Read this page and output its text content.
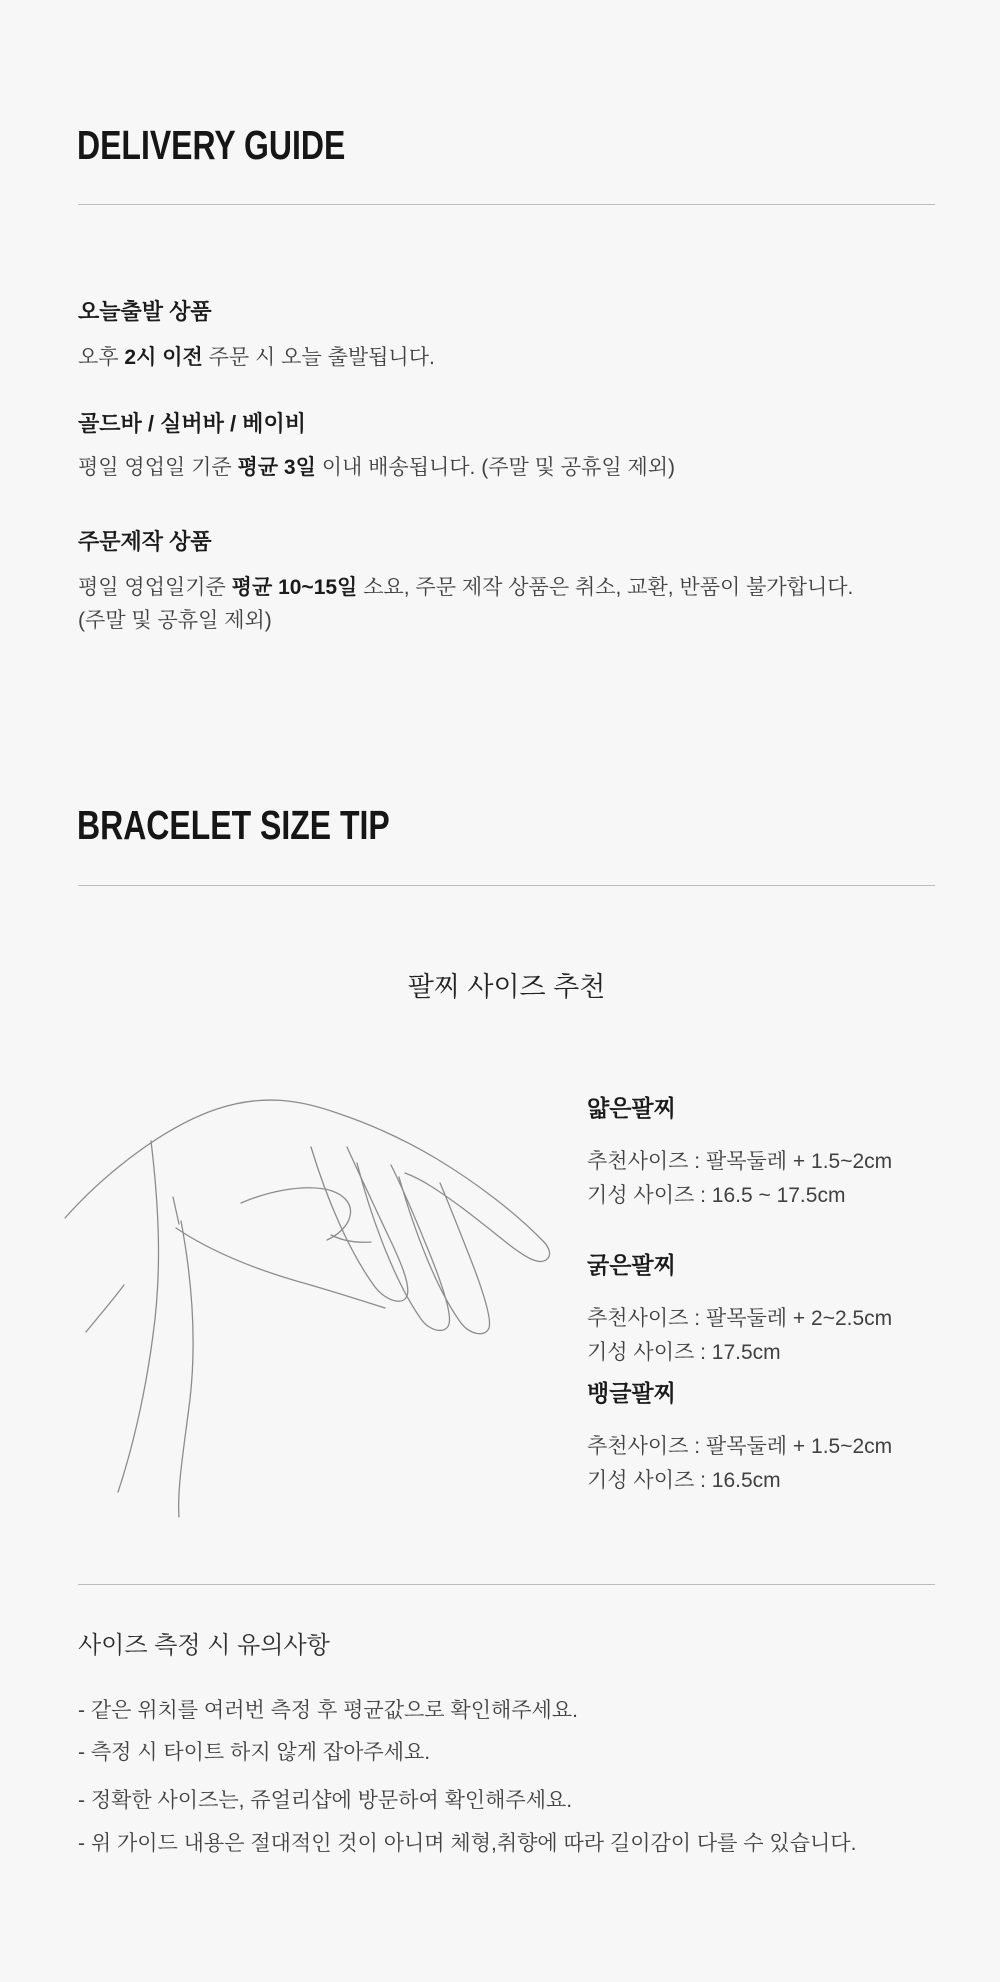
DELIVERY GUIDE
오늘출발 상품
오후 2시 이전 주문 시 오늘 출발됩니다.
골드바 / 실버바 / 베이비
평일 영업일 기준 평균 3일 이내 배송됩니다. (주말 및 공휴일 제외)
주문제작 상품
평일 영업일기준 평균 10~15일 소요, 주문 제작 상품은 취소, 교환, 반품이 불가합니다.
(주말 및 공휴일 제외)
BRACELET SIZE TIP
팔찌 사이즈 추천
얇은팔찌
추천사이즈 : 팔목둘레 + 1.5~2cm
기성 사이즈 : 16.5 ~ 17.5cm
굵은팔찌
추천사이즈 : 팔목둘레 + 2~2.5cm
기성 사이즈 : 17.5cm
뱅글팔찌
추천사이즈 : 팔목둘레 + 1.5~2cm
기성 사이즈 : 16.5cm
사이즈 측정 시 유의사항
- 같은 위치를 여러번 측정 후 평균값으로 확인해주세요.
- 측정 시 타이트 하지 않게 잡아주세요.
- 정확한 사이즈는, 쥬얼리샵에 방문하여 확인해주세요.
- 위 가이드 내용은 절대적인 것이 아니며 체형,취향에 따라 길이감이 다를 수 있습니다.
